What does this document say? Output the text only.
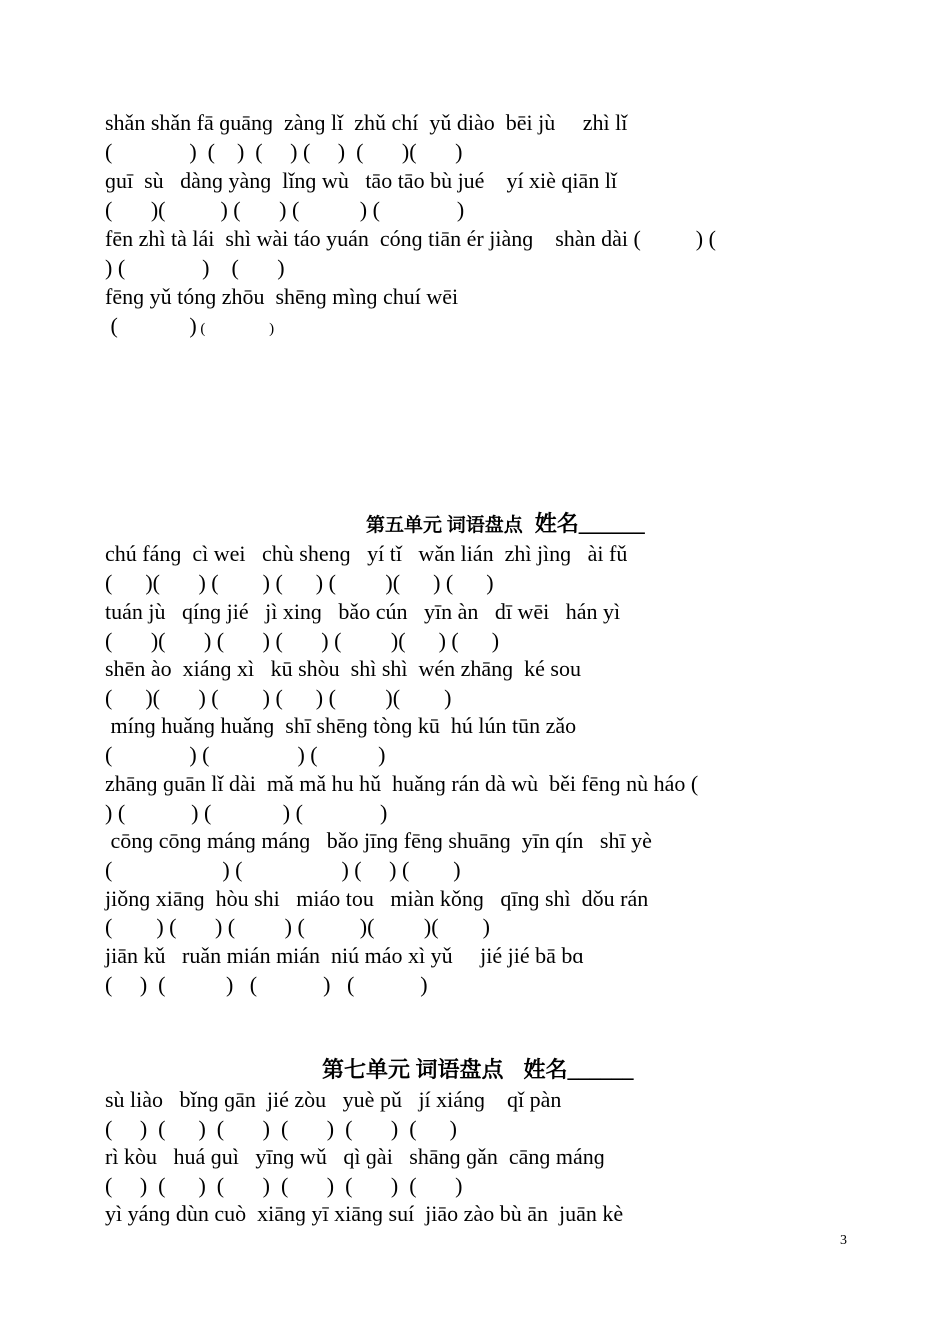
shǎn shǎn fā ɡuānɡ  zànɡ lǐ  zhǔ chí  yǔ diào  bēi jù     zhì lǐ
(              )  (    )  (     ) (     )  (       )(       )
ɡuī  sù   dànɡ yànɡ  lǐnɡ wù   tāo tāo bù jué    yí xiè qiān lǐ
(       )(          ) (       ) (           ) (              )
fēn zhì tà lái  shì wài táo yuán  cónɡ tiān ér jiànɡ    shàn dài (          ) (
) (              )    (       )
fēnɡ yǔ tónɡ zhōu  shēnɡ mìnɡ chuí wēi
(             ) (                 )
第五单元 词语盘点 姓名______
chú fánɡ  cì wei   chù shenɡ   yí tǐ   wǎn lián  zhì jìnɡ   ài fǔ
(      )(       ) (        ) (      ) (         )(      ) (      )
tuán jù   qínɡ jié   jì xinɡ   bǎo cún   yīn àn   dī wēi   hán yì
(       )(       ) (       ) (       ) (         )(      ) (      )
shēn ào  xiánɡ xì   kū shòu  shì shì  wén zhānɡ  ké sou
(      )(       ) (        ) (      ) (         )(        )
mínɡ huǎnɡ huǎnɡ  shī shēnɡ tònɡ kū  hú lún tūn zǎo
(              ) (                ) (           )
zhānɡ ɡuān lǐ dài  mǎ mǎ hu hǔ  huǎnɡ rán dà wù  běi fēnɡ nù háo (
) (            ) (             ) (              )
cōnɡ cōnɡ mánɡ mánɡ   bǎo jīnɡ fēnɡ shuānɡ  yīn qín   shī yè
(                    ) (                  ) (     ) (        )
jiǒnɡ xiānɡ  hòu shi   miáo tou   miàn kǒnɡ   qīnɡ shì  dǒu rán
(        ) (       ) (         ) (          )(         )(        )
jiān kǔ   ruǎn mián mián  niú máo xì yǔ     jié jié bā bɑ
(     )  (           )   (            )   (            )
第七单元 词语盘点 姓名______
sù liào   bǐnɡ ɡān  jié zòu   yuè pǔ   jí xiánɡ    qǐ pàn
(     )  (      )  (       )  (       )  (       )  (      )
rì kòu   huá ɡuì   yīnɡ wǔ   qì ɡài   shānɡ ɡǎn  cānɡ mánɡ
(     )  (      )  (       )  (       )  (       )  (       )
yì yánɡ dùn cuò  xiānɡ yī xiānɡ suí  jiāo zào bù ān  juān kè
3
